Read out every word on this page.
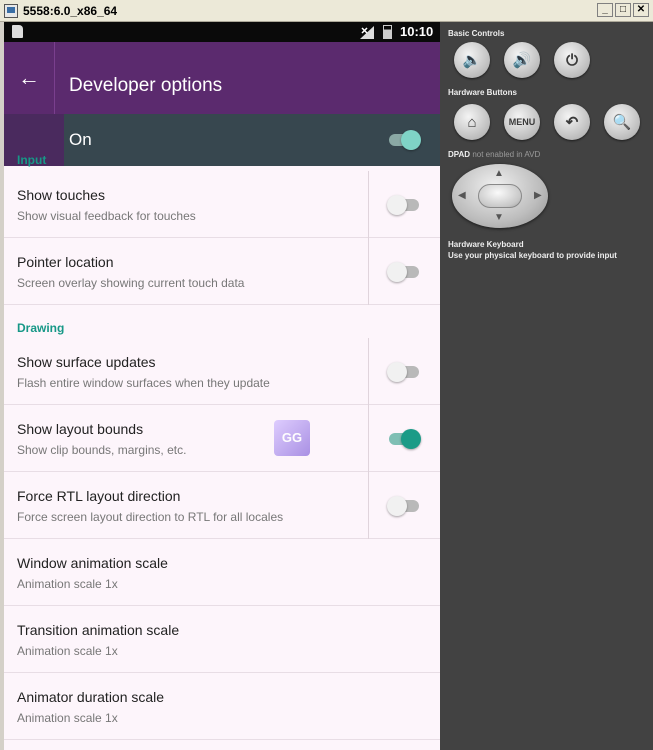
5558:6.0_x86_64	_	□	✕
10:10
←	Developer options
On
Input
Show touches
Show visual feedback for touches
Pointer location
Screen overlay showing current touch data
Drawing
Show surface updates
Flash entire window surfaces when they update
Show layout bounds
Show clip bounds, margins, etc.
Force RTL layout direction
Force screen layout direction to RTL for all locales
Window animation scale
Animation scale 1x
Transition animation scale
Animation scale 1x
Animator duration scale
Animation scale 1x
GG
Basic Controls
🔈	🔊	⏻
Hardware Buttons
⌂	MENU	↶	🔍
DPAD not enabled in AVD
▲
▼
◀	▶
Hardware Keyboard
Use your physical keyboard to provide input
